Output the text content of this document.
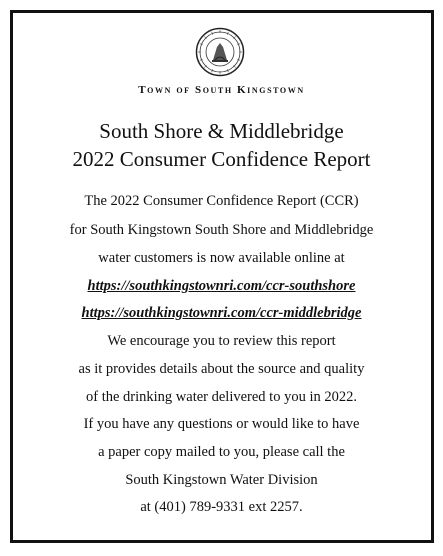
Town of South Kingstown
South Shore & Middlebridge
2022 Consumer Confidence Report
The 2022 Consumer Confidence Report (CCR)
for South Kingstown South Shore and Middlebridge
water customers is now available online at
https://southkingstownri.com/ccr-southshore
https://southkingstownri.com/ccr-middlebridge
We encourage you to review this report
as it provides details about the source and quality
of the drinking water delivered to you in 2022.
If you have any questions or would like to have
a paper copy mailed to you, please call the
South Kingstown Water Division
at (401) 789-9331 ext 2257.
